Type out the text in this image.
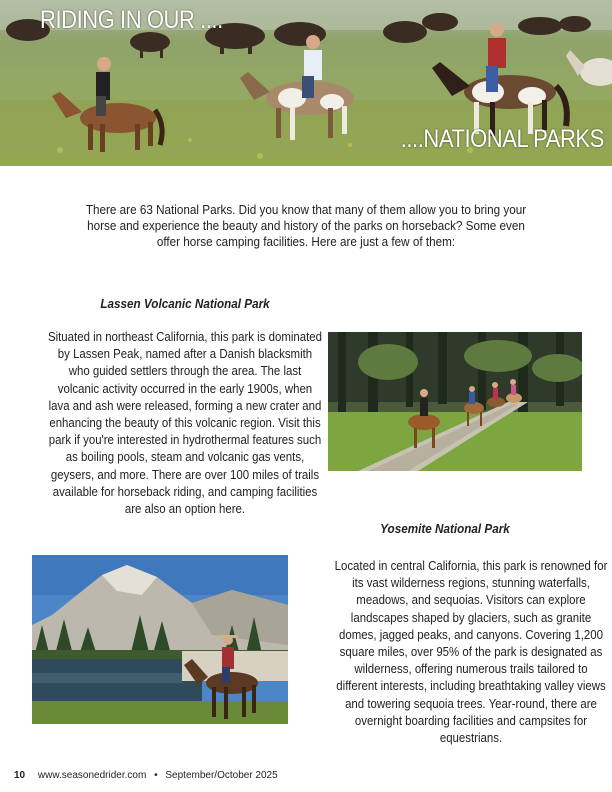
RIDING IN OUR ....
....NATIONAL PARKS
There are 63 National Parks. Did you know that many of them allow you to bring your horse and experience the beauty and history of the parks on horseback? Some even offer horse camping facilities. Here are just a few of them:
Lassen Volcanic National Park
Situated in northeast California, this park is dominated by Lassen Peak, named after a Danish blacksmith who guided settlers through the area. The last volcanic activity occurred in the early 1900s, when lava and ash were released, forming a new crater and enhancing the beauty of this volcanic region. Visit this park if you're interested in hydrothermal features such as boiling pools, steam and volcanic gas vents, geysers, and more. There are over 100 miles of trails available for horseback riding, and camping facilities are also an option here.
Yosemite National Park
Located in central California, this park is renowned for its vast wilderness regions, stunning waterfalls, meadows, and sequoias. Visitors can explore landscapes shaped by glaciers, such as granite domes, jagged peaks, and canyons. Covering 1,200 square miles, over 95% of the park is designated as wilderness, offering numerous trails tailored to different interests, including breathtaking valley views and towering sequoia trees. Year-round, there are overnight boarding facilities and campsites for equestrians.
10 www.seasonedrider.com • September/October 2025
